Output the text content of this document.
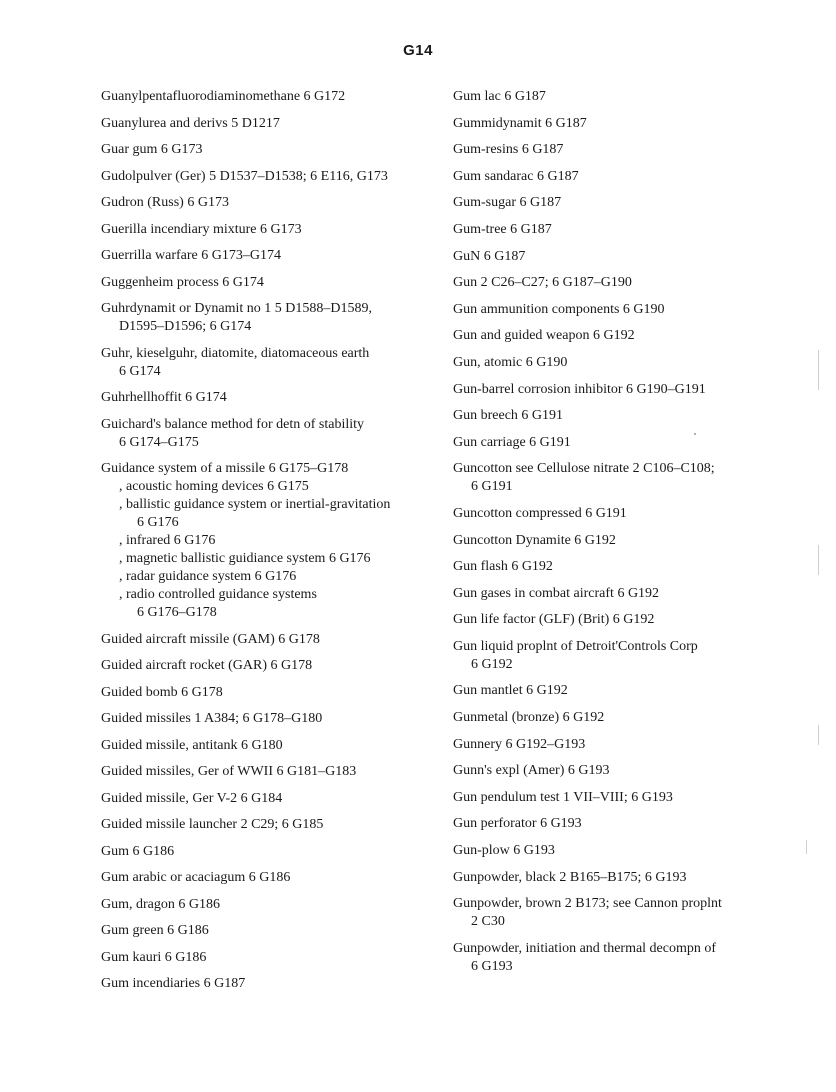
G14
Guanylpentafluorodiaminomethane 6 G172
Guanylurea and derivs 5 D1217
Guar gum 6 G173
Gudolpulver (Ger) 5 D1537–D1538; 6 E116, G173
Gudron (Russ) 6 G173
Guerilla incendiary mixture 6 G173
Guerrilla warfare 6 G173–G174
Guggenheim process 6 G174
Guhrdynamit or Dynamit no 1 5 D1588–D1589,
D1595–D1596; 6 G174
Guhr, kieselguhr, diatomite, diatomaceous earth
6 G174
Guhrhellhoffit 6 G174
Guichard's balance method for detn of stability
6 G174–G175
Guidance system of a missile 6 G175–G178
, acoustic homing devices 6 G175
, ballistic guidance system or inertial-gravitation
6 G176
, infrared 6 G176
, magnetic ballistic guidiance system 6 G176
, radar guidance system 6 G176
, radio controlled guidance systems
6 G176–G178
Guided aircraft missile (GAM) 6 G178
Guided aircraft rocket (GAR) 6 G178
Guided bomb 6 G178
Guided missiles 1 A384; 6 G178–G180
Guided missile, antitank 6 G180
Guided missiles, Ger of WWII 6 G181–G183
Guided missile, Ger V-2 6 G184
Guided missile launcher 2 C29; 6 G185
Gum 6 G186
Gum arabic or acaciagum 6 G186
Gum, dragon 6 G186
Gum green 6 G186
Gum kauri 6 G186
Gum incendiaries 6 G187
Gum lac 6 G187
Gummidynamit 6 G187
Gum-resins 6 G187
Gum sandarac 6 G187
Gum-sugar 6 G187
Gum-tree 6 G187
GuN 6 G187
Gun 2 C26–C27; 6 G187–G190
Gun ammunition components 6 G190
Gun and guided weapon 6 G192
Gun, atomic 6 G190
Gun-barrel corrosion inhibitor 6 G190–G191
Gun breech 6 G191
Gun carriage 6 G191
Guncotton see Cellulose nitrate 2 C106–C108;
6 G191
Guncotton compressed 6 G191
Guncotton Dynamite 6 G192
Gun flash 6 G192
Gun gases in combat aircraft 6 G192
Gun life factor (GLF) (Brit) 6 G192
Gun liquid proplnt of Detroit'Controls Corp
6 G192
Gun mantlet 6 G192
Gunmetal (bronze) 6 G192
Gunnery 6 G192–G193
Gunn's expl (Amer) 6 G193
Gun pendulum test 1 VII–VIII; 6 G193
Gun perforator 6 G193
Gun-plow 6 G193
Gunpowder, black 2 B165–B175; 6 G193
Gunpowder, brown 2 B173; see Cannon proplnt
2 C30
Gunpowder, initiation and thermal decompn of
6 G193
